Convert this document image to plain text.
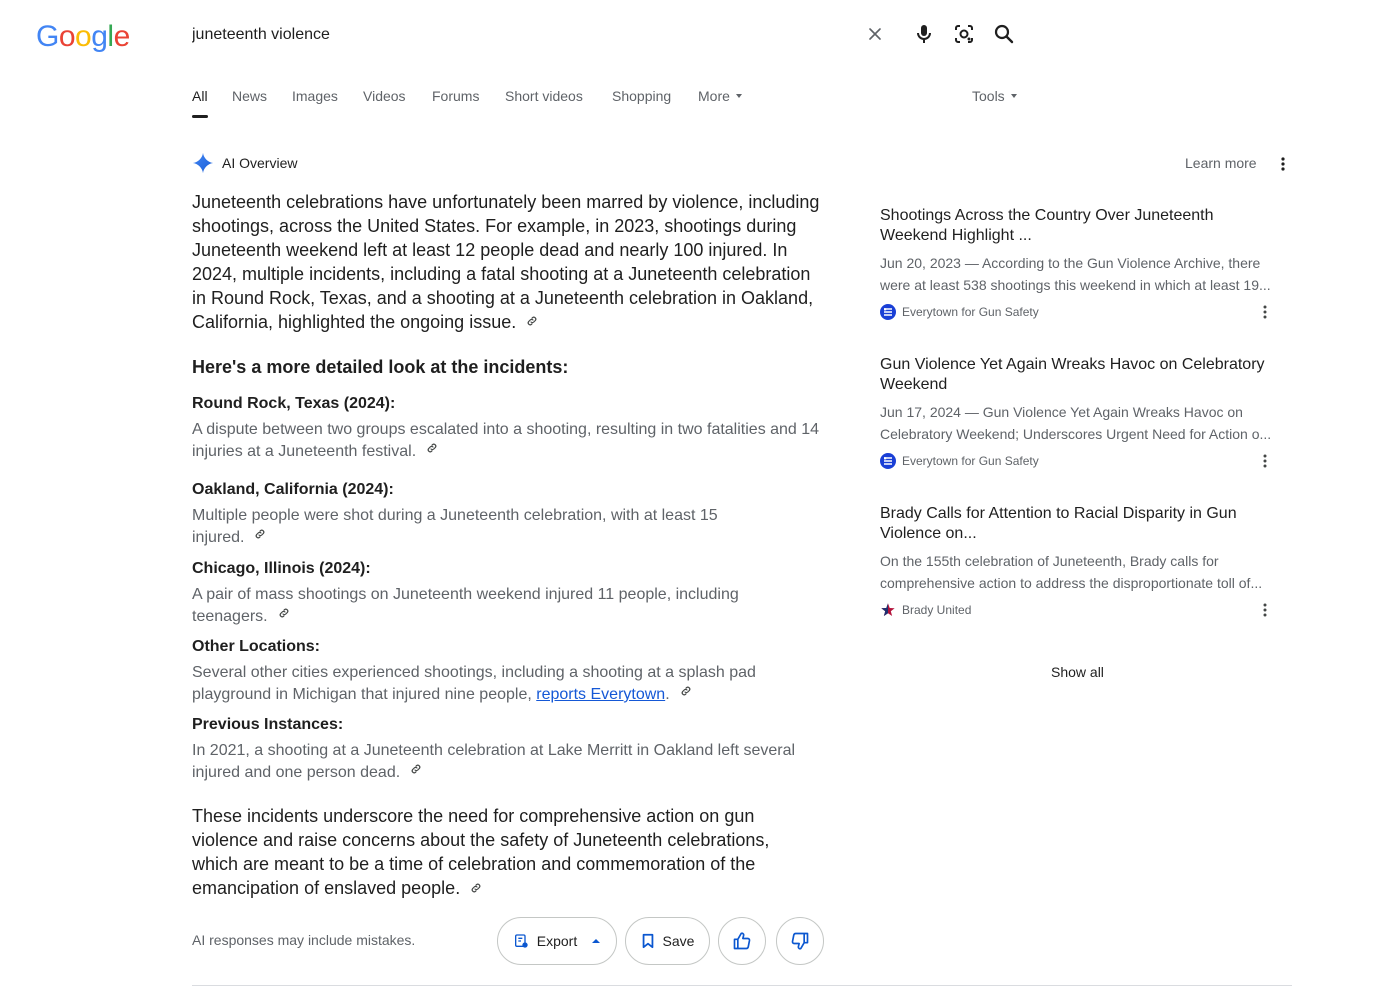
Google
juneteenth violence
All News Images Videos Forums Short videos Shopping More	Tools
AI Overview	Learn more

Juneteenth celebrations have unfortunately been marred by violence, including shootings, across the United States. For example, in 2023, shootings during Juneteenth weekend left at least 12 people dead and nearly 100 injured. In 2024, multiple incidents, including a fatal shooting at a Juneteenth celebration in Round Rock, Texas, and a shooting at a Juneteenth celebration in Oakland, California, highlighted the ongoing issue.

Here's a more detailed look at the incidents:

Round Rock, Texas (2024):

A dispute between two groups escalated into a shooting, resulting in two fatalities and 14 injuries at a Juneteenth festival.

Oakland, California (2024):

Multiple people were shot during a Juneteenth celebration, with at least 15 injured.

Chicago, Illinois (2024):

A pair of mass shootings on Juneteenth weekend injured 11 people, including teenagers.

Other Locations:

Several other cities experienced shootings, including a shooting at a splash pad playground in Michigan that injured nine people, reports Everytown.

Previous Instances:

In 2021, a shooting at a Juneteenth celebration at Lake Merritt in Oakland left several injured and one person dead.

These incidents underscore the need for comprehensive action on gun violence and raise concerns about the safety of Juneteenth celebrations, which are meant to be a time of celebration and commemoration of the emancipation of enslaved people.

AI responses may include mistakes.	Export	Save
Shootings Across the Country Over Juneteenth Weekend Highlight ...
Jun 20, 2023 — According to the Gun Violence Archive, there were at least 538 shootings this weekend in which at least 19...
Everytown for Gun Safety
Gun Violence Yet Again Wreaks Havoc on Celebratory Weekend
Jun 17, 2024 — Gun Violence Yet Again Wreaks Havoc on Celebratory Weekend; Underscores Urgent Need for Action o...
Everytown for Gun Safety
Brady Calls for Attention to Racial Disparity in Gun Violence on...
On the 155th celebration of Juneteenth, Brady calls for comprehensive action to address the disproportionate toll of...
Brady United
Show all
